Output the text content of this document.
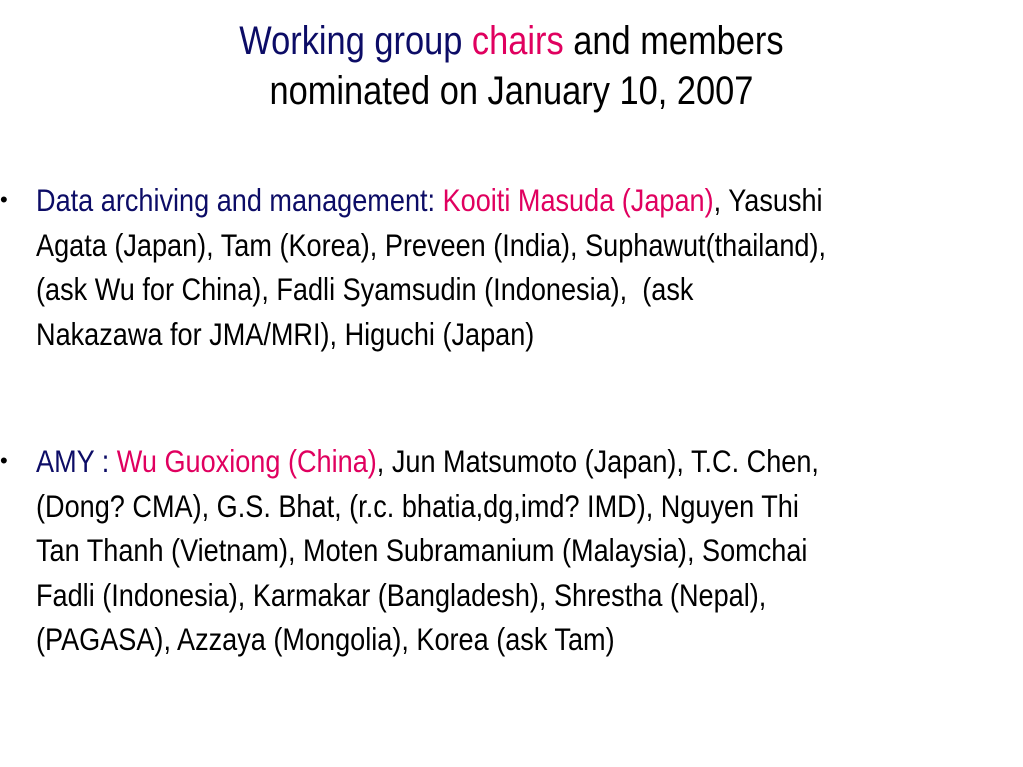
Working group chairs and members
nominated on January 10, 2007
• Data archiving and management: Kooiti Masuda (Japan), Yasushi
Agata (Japan), Tam (Korea), Preveen (India), Suphawut(thailand),
(ask Wu for China), Fadli Syamsudin (Indonesia),  (ask
Nakazawa for JMA/MRI), Higuchi (Japan)
• AMY : Wu Guoxiong (China), Jun Matsumoto (Japan), T.C. Chen,
(Dong? CMA), G.S. Bhat, (r.c. bhatia,dg,imd? IMD), Nguyen Thi
Tan Thanh (Vietnam), Moten Subramanium (Malaysia), Somchai
Fadli (Indonesia), Karmakar (Bangladesh), Shrestha (Nepal),
(PAGASA), Azzaya (Mongolia), Korea (ask Tam)
